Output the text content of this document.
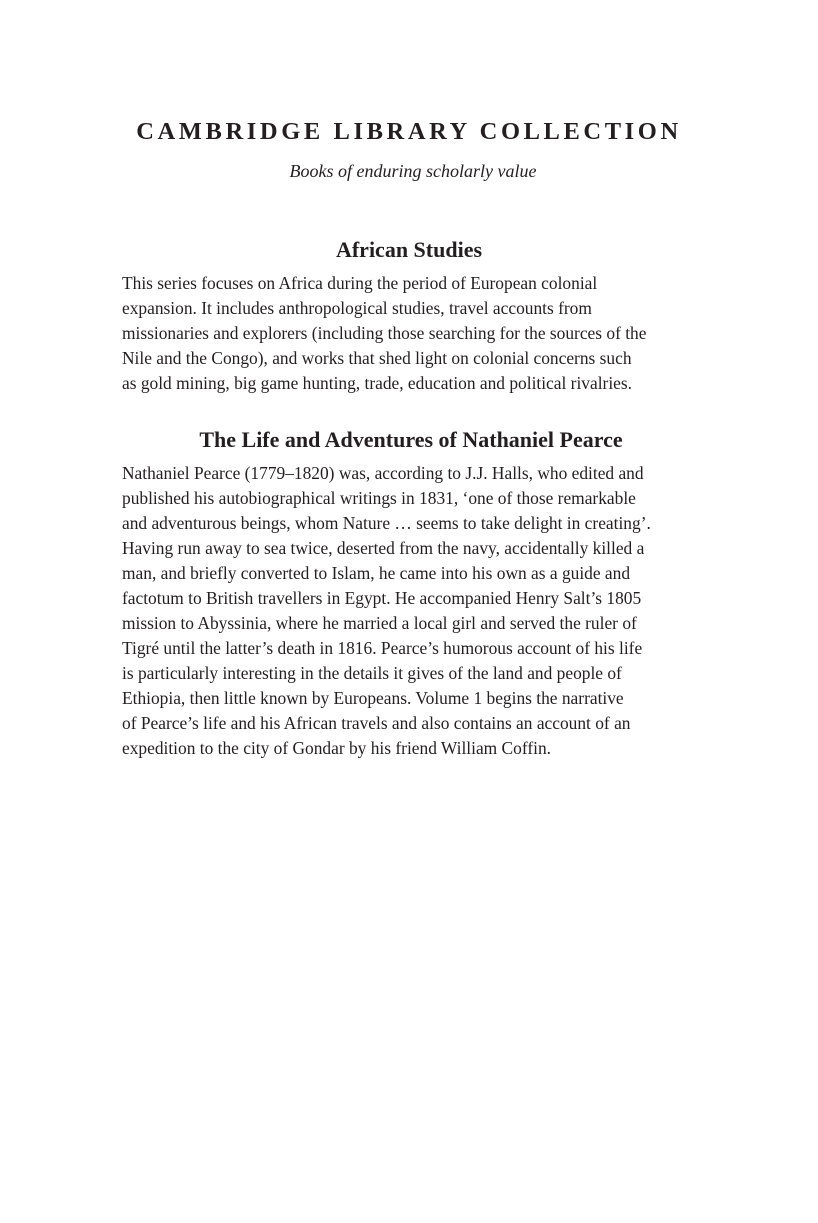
CAMBRIDGE LIBRARY COLLECTION

Books of enduring scholarly value

African Studies
This series focuses on Africa during the period of European colonial
expansion. It includes anthropological studies, travel accounts from
missionaries and explorers (including those searching for the sources of the
Nile and the Congo), and works that shed light on colonial concerns such
as gold mining, big game hunting, trade, education and political rivalries.
The Life and Adventures of Nathaniel Pearce
Nathaniel Pearce (1779–1820) was, according to J.J. Halls, who edited and
published his autobiographical writings in 1831, ‘one of those remarkable
and adventurous beings, whom Nature … seems to take delight in creating’.
Having run away to sea twice, deserted from the navy, accidentally killed a
man, and briefly converted to Islam, he came into his own as a guide and
factotum to British travellers in Egypt. He accompanied Henry Salt’s 1805
mission to Abyssinia, where he married a local girl and served the ruler of
Tigré until the latter’s death in 1816. Pearce’s humorous account of his life
is particularly interesting in the details it gives of the land and people of
Ethiopia, then little known by Europeans. Volume 1 begins the narrative
of Pearce’s life and his African travels and also contains an account of an
expedition to the city of Gondar by his friend William Coffin.
